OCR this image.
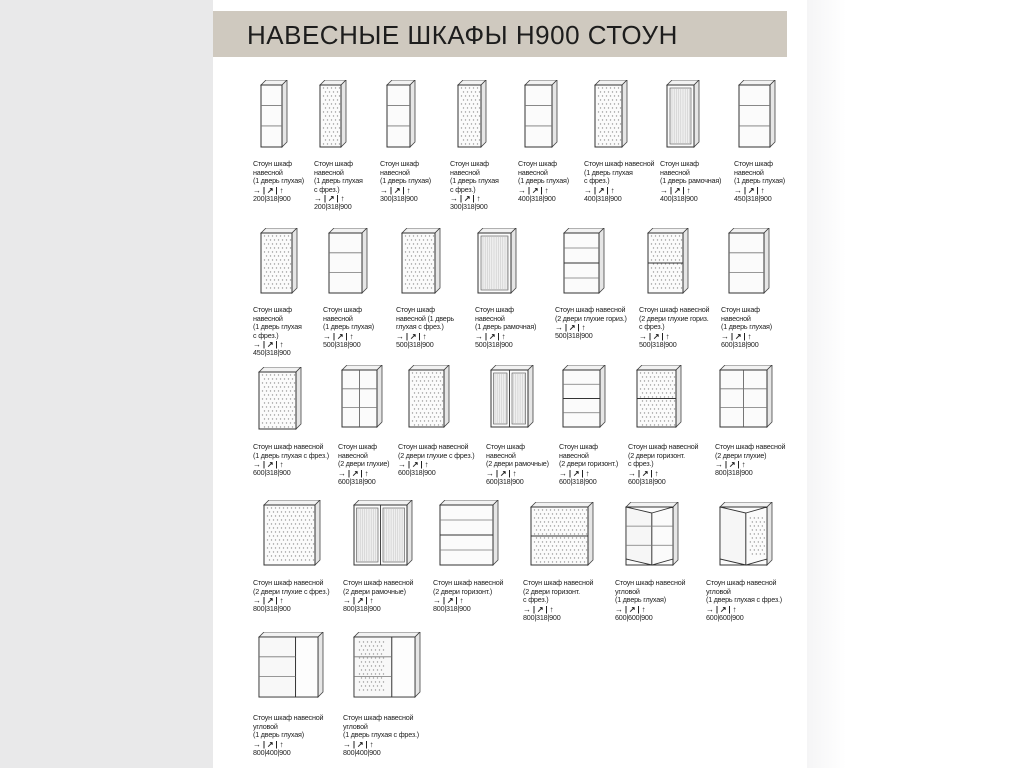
НАВЕСНЫЕ ШКАФЫ Н900 СТОУН
Стоун шкаф
навесной
(1 дверь глухая)
→ | ↗ | ↑
200|318|900
Стоун шкаф
навесной
(1 дверь глухая
с фрез.)
→ | ↗ | ↑
200|318|900
Стоун шкаф
навесной
(1 дверь глухая)
→ | ↗ | ↑
300|318|900
Стоун шкаф
навесной
(1 дверь глухая
с фрез.)
→ | ↗ | ↑
300|318|900
Стоун шкаф
навесной
(1 дверь глухая)
→ | ↗ | ↑
400|318|900
Стоун шкаф навесной
(1 дверь глухая
с фрез.)
→ | ↗ | ↑
400|318|900
Стоун шкаф
навесной
(1 дверь рамочная)
→ | ↗ | ↑
400|318|900
Стоун шкаф
навесной
(1 дверь глухая)
→ | ↗ | ↑
450|318|900
Стоун шкаф
навесной
(1 дверь глухая
с фрез.)
→ | ↗ | ↑
450|318|900
Стоун шкаф
навесной
(1 дверь глухая)
→ | ↗ | ↑
500|318|900
Стоун шкаф
навесной (1 дверь
глухая с фрез.)
→ | ↗ | ↑
500|318|900
Стоун шкаф
навесной
(1 дверь рамочная)
→ | ↗ | ↑
500|318|900
Стоун шкаф навесной
(2 двери глухие гориз.)
→ | ↗ | ↑
500|318|900
Стоун шкаф навесной
(2 двери глухие гориз.
с фрез.)
→ | ↗ | ↑
500|318|900
Стоун шкаф
навесной
(1 дверь глухая)
→ | ↗ | ↑
600|318|900
Стоун шкаф навесной
(1 дверь глухая с фрез.)
→ | ↗ | ↑
600|318|900
Стоун шкаф
навесной
(2 двери глухие)
→ | ↗ | ↑
600|318|900
Стоун шкаф навесной
(2 двери глухие с фрез.)
→ | ↗ | ↑
600|318|900
Стоун шкаф
навесной
(2 двери рамочные)
→ | ↗ | ↑
600|318|900
Стоун шкаф
навесной
(2 двери горизонт.)
→ | ↗ | ↑
600|318|900
Стоун шкаф навесной
(2 двери горизонт.
с фрез.)
→ | ↗ | ↑
600|318|900
Стоун шкаф навесной
(2 двери глухие)
→ | ↗ | ↑
800|318|900
Стоун шкаф навесной
(2 двери глухие с фрез.)
→ | ↗ | ↑
800|318|900
Стоун шкаф навесной
(2 двери рамочные)
→ | ↗ | ↑
800|318|900
Стоун шкаф навесной
(2 двери горизонт.)
→ | ↗ | ↑
800|318|900
Стоун шкаф навесной
(2 двери горизонт.
с фрез.)
→ | ↗ | ↑
800|318|900
Стоун шкаф навесной
угловой
(1 дверь глухая)
→ | ↗ | ↑
600|600|900
Стоун шкаф навесной
угловой
(1 дверь глухая с фрез.)
→ | ↗ | ↑
600|600|900
Стоун шкаф навесной
угловой
(1 дверь глухая)
→ | ↗ | ↑
800|400|900
Стоун шкаф навесной
угловой
(1 дверь глухая с фрез.)
→ | ↗ | ↑
800|400|900
